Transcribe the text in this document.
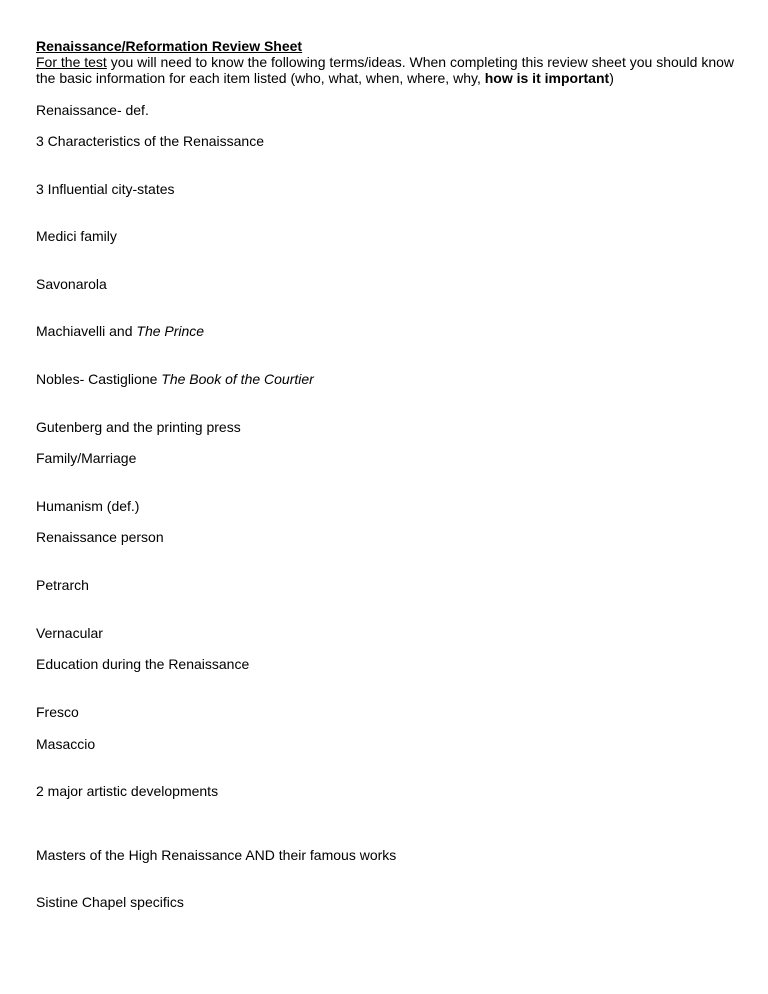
Renaissance/Reformation Review Sheet
For the test you will need to know the following terms/ideas. When completing this review sheet you should know the basic information for each item listed (who, what, when, where, why, how is it important)
Renaissance- def.
3 Characteristics of the Renaissance
3 Influential city-states
Medici family
Savonarola
Machiavelli and The Prince
Nobles- Castiglione The Book of the Courtier
Gutenberg and the printing press
Family/Marriage
Humanism (def.)
Renaissance person
Petrarch
Vernacular
Education during the Renaissance
Fresco
Masaccio
2 major artistic developments
Masters of the High Renaissance AND their famous works
Sistine Chapel specifics
